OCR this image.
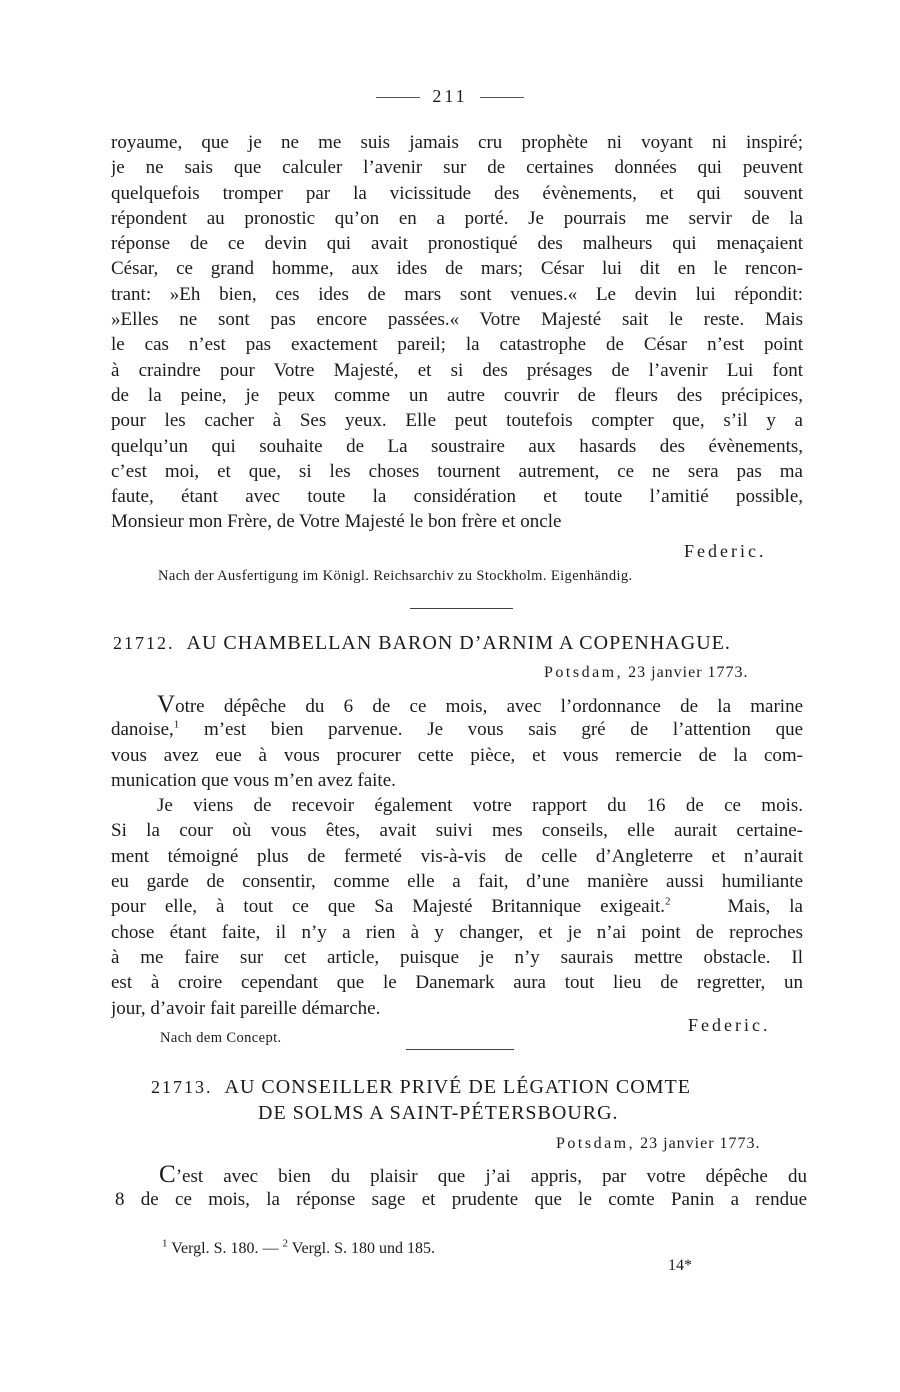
211
royaume, que je ne me suis jamais cru prophète ni voyant ni inspiré;
je ne sais que calculer l’avenir sur de certaines données qui peuvent
quelquefois tromper par la vicissitude des évènements, et qui souvent
répondent au pronostic qu’on en a porté. Je pourrais me servir de la
réponse de ce devin qui avait pronostiqué des malheurs qui menaçaient
César, ce grand homme, aux ides de mars; César lui dit en le rencon-
trant: »Eh bien, ces ides de mars sont venues.« Le devin lui répondit:
»Elles ne sont pas encore passées.« Votre Majesté sait le reste. Mais
le cas n’est pas exactement pareil; la catastrophe de César n’est point
à craindre pour Votre Majesté, et si des présages de l’avenir Lui font
de la peine, je peux comme un autre couvrir de fleurs des précipices,
pour les cacher à Ses yeux. Elle peut toutefois compter que, s’il y a
quelqu’un qui souhaite de La soustraire aux hasards des évènements,
c’est moi, et que, si les choses tournent autrement, ce ne sera pas ma
faute, étant avec toute la considération et toute l’amitié possible,
Monsieur mon Frère, de Votre Majesté le bon frère et oncle
Federic.
Nach der Ausfertigung im Königl. Reichsarchiv zu Stockholm. Eigenhändig.
21712. AU CHAMBELLAN BARON D’ARNIM A COPENHAGUE.
Potsdam, 23 janvier 1773.
Votre dépêche du 6 de ce mois, avec l’ordonnance de la marine
danoise,$^1$ m’est bien parvenue. Je vous sais gré de l’attention que
vous avez eue à vous procurer cette pièce, et vous remercie de la com-
munication que vous m’en avez faite.
Je viens de recevoir également votre rapport du 16 de ce mois.
Si la cour où vous êtes, avait suivi mes conseils, elle aurait certaine-
ment témoigné plus de fermeté vis-à-vis de celle d’Angleterre et n’aurait
eu garde de consentir, comme elle a fait, d’une manière aussi humiliante
pour elle, à tout ce que Sa Majesté Britannique exigeait.$^2$	Mais, la
chose étant faite, il n’y a rien à y changer, et je n’ai point de reproches
à me faire sur cet article, puisque je n’y saurais mettre obstacle. Il
est à croire cependant que le Danemark aura tout lieu de regretter, un
jour, d’avoir fait pareille démarche.
Federic.
Nach dem Concept.
21713. AU CONSEILLER PRIVÉ DE LÉGATION COMTE
DE SOLMS A SAINT-PÉTERSBOURG.
Potsdam, 23 janvier 1773.
C’est avec bien du plaisir que j’ai appris, par votre dépêche du
8 de ce mois, la réponse sage et prudente que le comte Panin a rendue
$^1$ Vergl. S. 180. — $^2$ Vergl. S. 180 und 185.
14*
